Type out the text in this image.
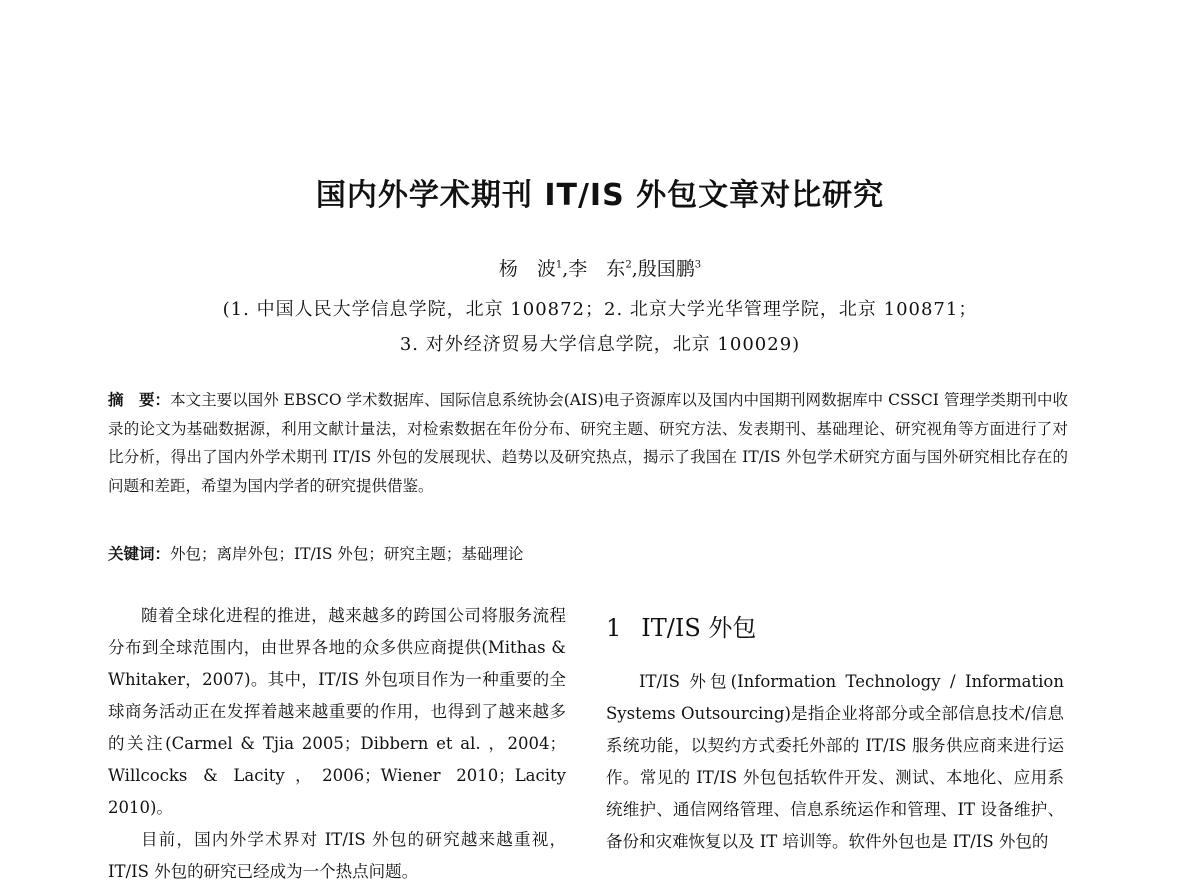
国内外学术期刊 IT/IS 外包文章对比研究
杨　波$^1$,李　东$^2$,殷国鹏$^3$
(1. 中国人民大学信息学院，北京 100872；2. 北京大学光华管理学院，北京 100871；
3. 对外经济贸易大学信息学院，北京 100029)
摘　要：本文主要以国外 EBSCO 学术数据库、国际信息系统协会(AIS)电子资源库以及国内中国期刊网数据库中 CSSCI 管理学类期刊中收录的论文为基础数据源，利用文献计量法，对检索数据在年份分布、研究主题、研究方法、发表期刊、基础理论、研究视角等方面进行了对比分析，得出了国内外学术期刊 IT/IS 外包的发展现状、趋势以及研究热点，揭示了我国在 IT/IS 外包学术研究方面与国外研究相比存在的问题和差距，希望为国内学者的研究提供借鉴。
关键词：外包；离岸外包；IT/IS 外包；研究主题；基础理论

随着全球化进程的推进，越来越多的跨国公司将服务流程分布到全球范围内，由世界各地的众多供应商提供(Mithas & Whitaker，2007)。其中，IT/IS 外包项目作为一种重要的全球商务活动正在发挥着越来越重要的作用，也得到了越来越多的关注(Carmel & Tjia 2005；Dibbern et al. ，2004；Willcocks & Lacity，2006；Wiener 2010；Lacity 2010)。

目前，国内外学术界对 IT/IS 外包的研究越来越重视，IT/IS 外包的研究已经成为一个热点问题。

1 IT/IS 外包

IT/IS 外包(Information Technology / Information Systems Outsourcing)是指企业将部分或全部信息技术/信息系统功能，以契约方式委托外部的 IT/IS 服务供应商来进行运作。常见的 IT/IS 外包包括软件开发、测试、本地化、应用系统维护、通信网络管理、信息系统运作和管理、IT 设备维护、备份和灾难恢复以及 IT 培训等。软件外包也是 IT/IS 外包的
